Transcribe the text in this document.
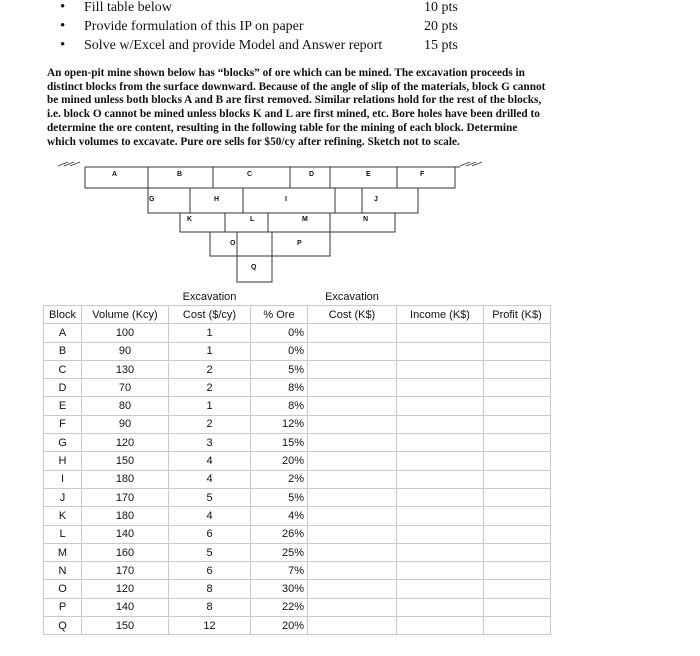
• Fill table below	10 pts
• Provide formulation of this IP on paper	20 pts
• Solve w/Excel and provide Model and Answer report	15 pts
An open-pit mine shown below has “blocks” of ore which can be mined. The excavation proceeds in
distinct blocks from the surface downward. Because of the angle of slip of the materials, block G cannot
be mined unless both blocks A and B are first removed. Similar relations hold for the rest of the blocks,
i.e. block O cannot be mined unless blocks K and L are first mined, etc. Bore holes have been drilled to
determine the ore content, resulting in the following table for the mining of each block. Determine
which volumes to excavate. Pure ore sells for $50/cy after refining. Sketch not to scale.
A	B	C	D	E	F
G	H	I	J
K	L	M	N
O	P
Q
		Excavation		Excavation		
Block	Volume (Kcy)	Cost ($/cy)	% Ore	Cost (K$)	Income (K$)	Profit (K$)
A	100	1	0%			
B	90	1	0%			
C	130	2	5%			
D	70	2	8%			
E	80	1	8%			
F	90	2	12%			
G	120	3	15%			
H	150	4	20%			
I	180	4	2%			
J	170	5	5%			
K	180	4	4%			
L	140	6	26%			
M	160	5	25%			
N	170	6	7%			
O	120	8	30%			
P	140	8	22%			
Q	150	12	20%			
